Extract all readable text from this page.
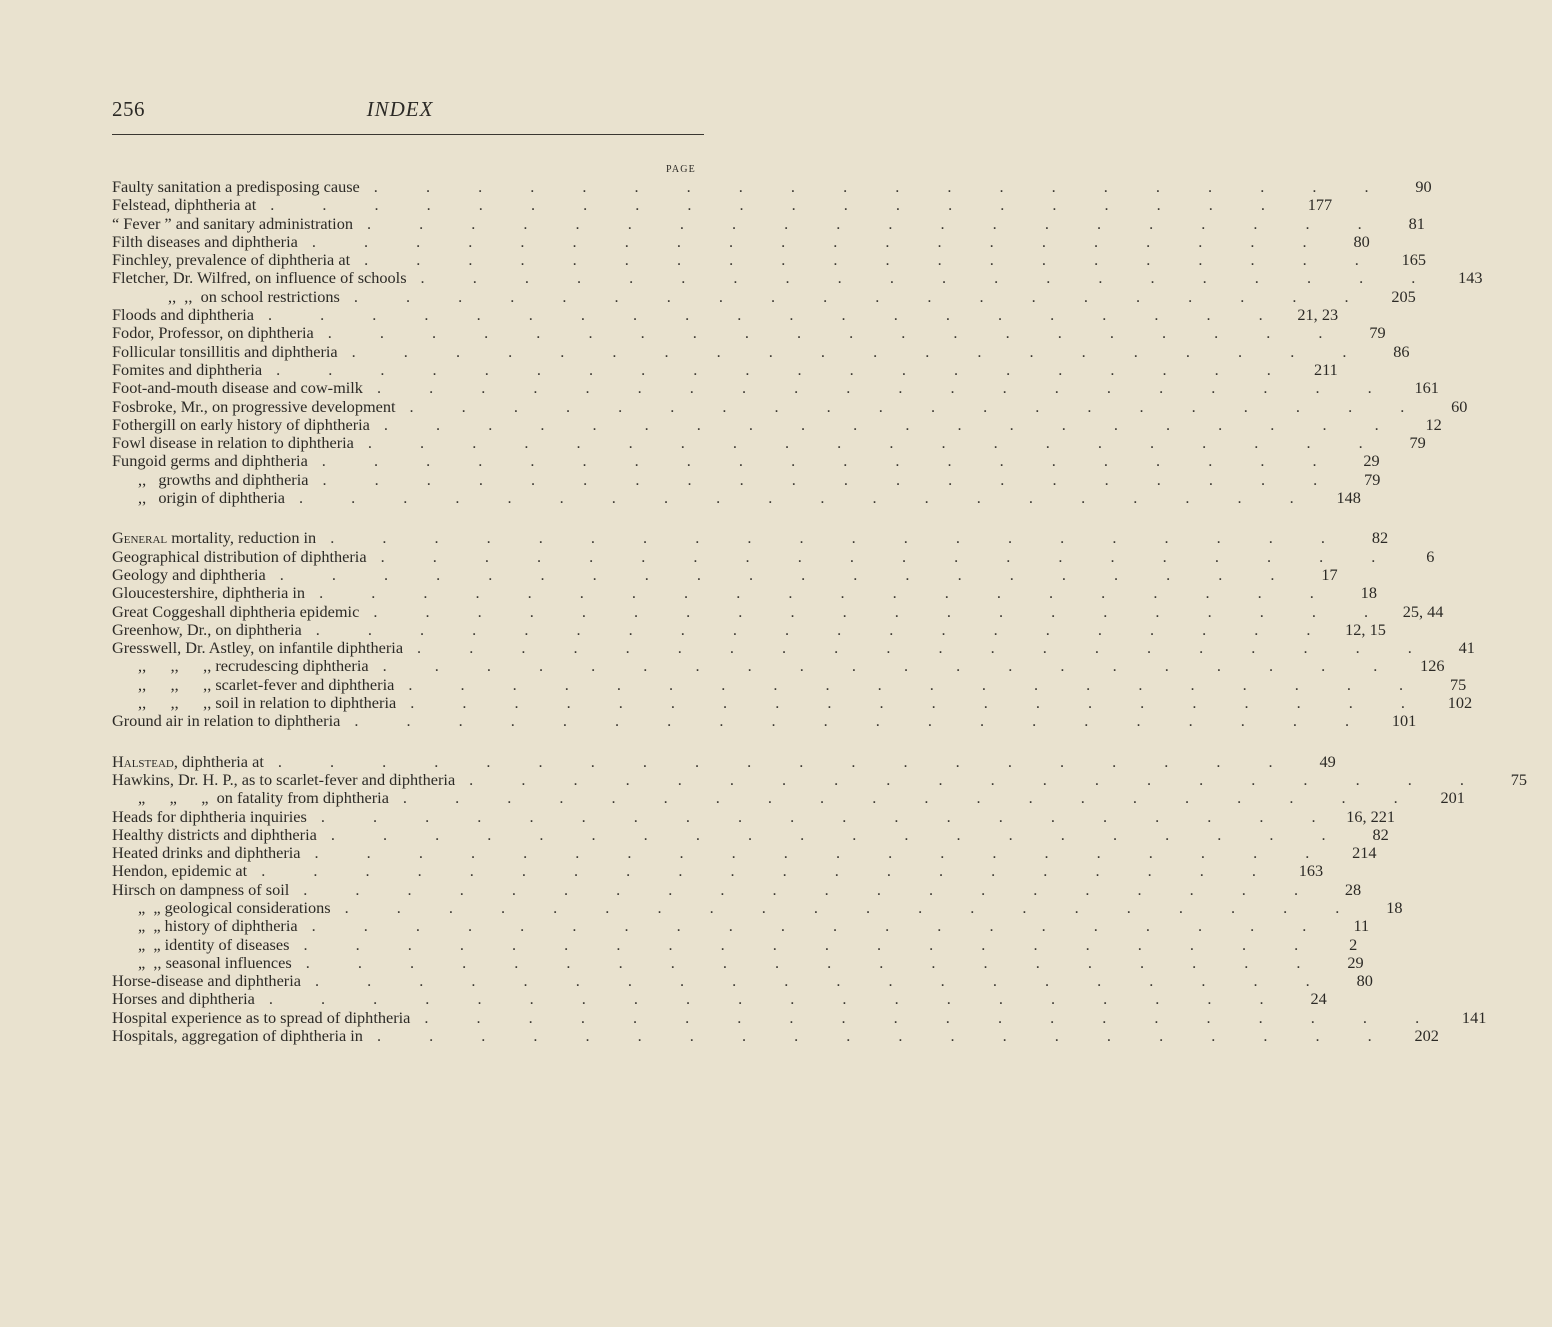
256	INDEX
PAGE
Faulty sanitation a predisposing cause . . . . . . . . . . . . . . . . . . . .	90
Felstead, diphtheria at . . . . . . . . . . . . . . . . . . . .	177
“ Fever ” and sanitary administration . . . . . . . . . . . . . . . . . . . .	81
Filth diseases and diphtheria . . . . . . . . . . . . . . . . . . . .	80
Finchley, prevalence of diphtheria at . . . . . . . . . . . . . . . . . . . .	165
Fletcher, Dr. Wilfred, on influence of schools . . . . . . . . . . . . . . . . . . . .	143
,,  ,,  on school restrictions . . . . . . . . . . . . . . . . . . . .	205
Floods and diphtheria . . . . . . . . . . . . . . . . . . . . 21, 23
Fodor, Professor, on diphtheria . . . . . . . . . . . . . . . . . . . .	79
Follicular tonsillitis and diphtheria . . . . . . . . . . . . . . . . . . . .	86
Fomites and diphtheria . . . . . . . . . . . . . . . . . . . .	211
Foot-and-mouth disease and cow-milk . . . . . . . . . . . . . . . . . . . .	161
Fosbroke, Mr., on progressive development . . . . . . . . . . . . . . . . . . . .	60
Fothergill on early history of diphtheria . . . . . . . . . . . . . . . . . . . .	12
Fowl disease in relation to diphtheria . . . . . . . . . . . . . . . . . . . .	79
Fungoid germs and diphtheria . . . . . . . . . . . . . . . . . . . .	29
,,   growths and diphtheria . . . . . . . . . . . . . . . . . . . .	79
,,   origin of diphtheria . . . . . . . . . . . . . . . . . . . .	148
General mortality, reduction in . . . . . . . . . . . . . . . . . . . .	82
Geographical distribution of diphtheria . . . . . . . . . . . . . . . . . . . .	6
Geology and diphtheria . . . . . . . . . . . . . . . . . . . .	17
Gloucestershire, diphtheria in . . . . . . . . . . . . . . . . . . . .	18
Great Coggeshall diphtheria epidemic . . . . . . . . . . . . . . . . . . . . 25, 44
Greenhow, Dr., on diphtheria . . . . . . . . . . . . . . . . . . . . 12, 15
Gresswell, Dr. Astley, on infantile diphtheria . . . . . . . . . . . . . . . . . . . .	41
,,      ,,      ,, recrudescing diphtheria . . . . . . . . . . . . . . . . . . . .	126
,,      ,,      ,, scarlet-fever and diphtheria . . . . . . . . . . . . . . . . . . . .	75
,,      ,,      ,, soil in relation to diphtheria . . . . . . . . . . . . . . . . . . . .	102
Ground air in relation to diphtheria . . . . . . . . . . . . . . . . . . . .	101
Halstead, diphtheria at . . . . . . . . . . . . . . . . . . . .	49
Hawkins, Dr. H. P., as to scarlet-fever and diphtheria . . . . . . . . . . . . . . . . . . . .	75
„      „      „  on fatality from diphtheria . . . . . . . . . . . . . . . . . . . .	201
Heads for diphtheria inquiries . . . . . . . . . . . . . . . . . . . . 16, 221
Healthy districts and diphtheria . . . . . . . . . . . . . . . . . . . .	82
Heated drinks and diphtheria . . . . . . . . . . . . . . . . . . . .	214
Hendon, epidemic at . . . . . . . . . . . . . . . . . . . .	163
Hirsch on dampness of soil . . . . . . . . . . . . . . . . . . . .	28
„  „ geological considerations . . . . . . . . . . . . . . . . . . . .	18
„  „ history of diphtheria . . . . . . . . . . . . . . . . . . . .	11
„  „ identity of diseases . . . . . . . . . . . . . . . . . . . .	2
„  ,, seasonal influences . . . . . . . . . . . . . . . . . . . .	29
Horse-disease and diphtheria . . . . . . . . . . . . . . . . . . . .	80
Horses and diphtheria . . . . . . . . . . . . . . . . . . . .	24
Hospital experience as to spread of diphtheria . . . . . . . . . . . . . . . . . . . .	141
Hospitals, aggregation of diphtheria in . . . . . . . . . . . . . . . . . . . .	202
